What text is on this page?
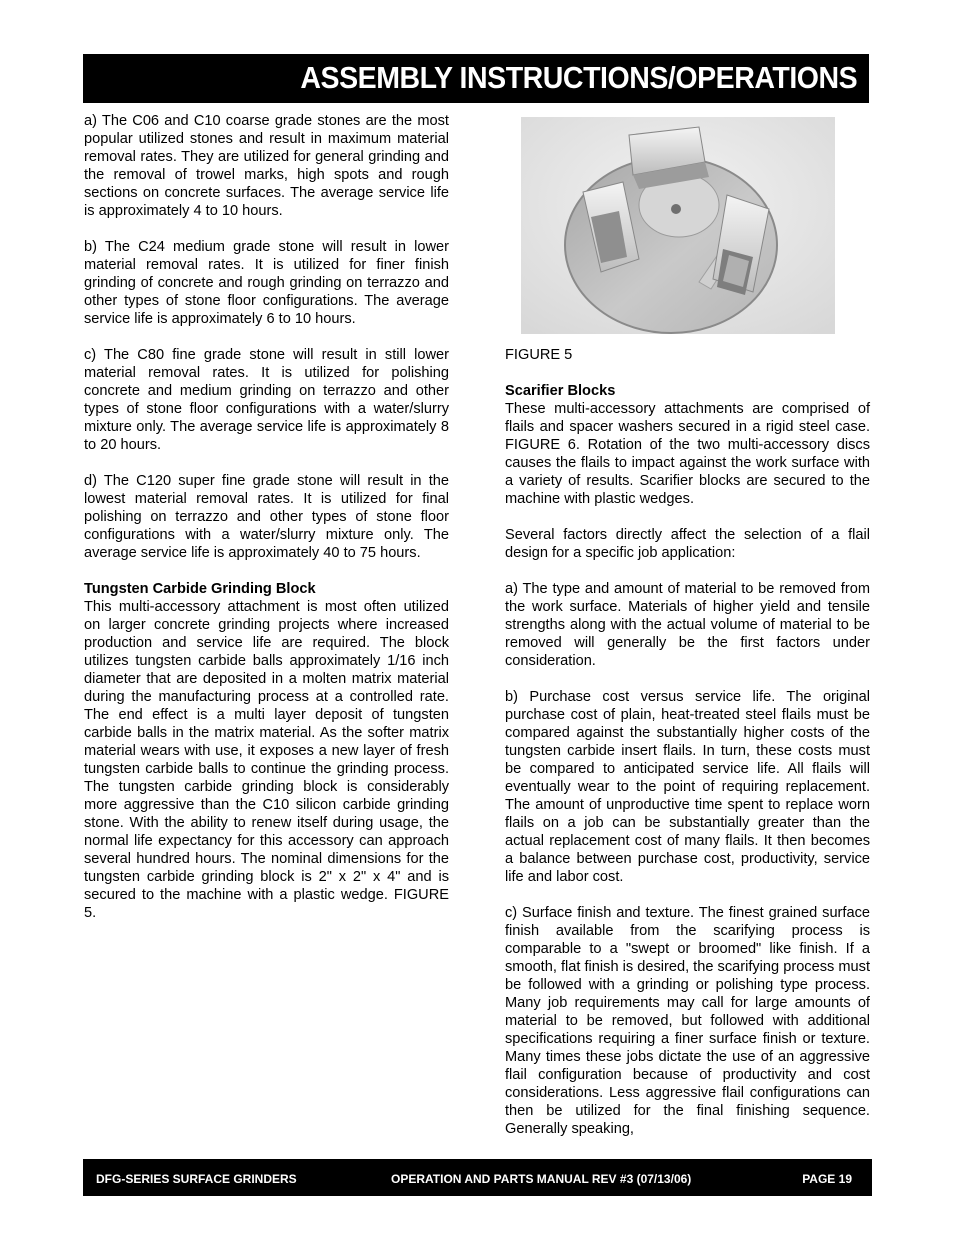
ASSEMBLY INSTRUCTIONS/OPERATIONS

a) The C06 and C10 coarse grade stones are the most popular utilized stones and result in maximum material removal rates. They are utilized for general grinding and the removal of trowel marks, high spots and rough sections on concrete surfaces. The average service life is approximately 4 to 10 hours.

b) The C24 medium grade stone will result in lower material removal rates. It is utilized for finer finish grinding of concrete and rough grinding on terrazzo and other types of stone floor configurations. The average service life is approximately 6 to 10 hours.

c) The C80 fine grade stone will result in still lower material removal rates. It is utilized for polishing concrete and medium grinding on terrazzo and other types of stone floor configurations with a water/slurry mixture only. The average service life is approximately 8 to 20 hours.

d) The C120 super fine grade stone will result in the lowest material removal rates. It is utilized for final polishing on terrazzo and other types of stone floor configurations with a water/slurry mixture only. The average service life is approximately 40 to 75 hours.

Tungsten Carbide Grinding Block

This multi-accessory attachment is most often utilized on larger concrete grinding projects where increased production and service life are required. The block utilizes tungsten carbide balls approximately 1/16 inch diameter that are deposited in a molten matrix material during the manufacturing process at a controlled rate. The end effect is a multi layer deposit of tungsten carbide balls in the matrix material. As the softer matrix material wears with use, it exposes a new layer of fresh tungsten carbide balls to continue the grinding process. The tungsten carbide grinding block is considerably more aggressive than the C10 silicon carbide grinding stone. With the ability to renew itself during usage, the normal life expectancy for this accessory can approach several hundred hours. The nominal dimensions for the tungsten carbide grinding block is 2" x 2" x 4" and is secured to the machine with a plastic wedge. FIGURE 5.

FIGURE 5

Scarifier Blocks

These multi-accessory attachments are comprised of flails and spacer washers secured in a rigid steel case. FIGURE 6. Rotation of the two multi-accessory discs causes the flails to impact against the work surface with a variety of results. Scarifier blocks are secured to the machine with plastic wedges.

Several factors directly affect the selection of a flail design for a specific job application:

a) The type and amount of material to be removed from the work surface. Materials of higher yield and tensile strengths along with the actual volume of material to be removed will generally be the first factors under consideration.

b) Purchase cost versus service life. The original purchase cost of plain, heat-treated steel flails must be compared against the substantially higher costs of the tungsten carbide insert flails. In turn, these costs must be compared to anticipated service life. All flails will eventually wear to the point of requiring replacement. The amount of unproductive time spent to replace worn flails on a job can be substantially greater than the actual replacement cost of many flails. It then becomes a balance between purchase cost, productivity, service life and labor cost.

c) Surface finish and texture. The finest grained surface finish available from the scarifying process is comparable to a "swept or broomed" like finish. If a smooth, flat finish is desired, the scarifying process must be followed with a grinding or polishing type process. Many job requirements may call for large amounts of material to be removed, but followed with additional specifications requiring a finer surface finish or texture. Many times these jobs dictate the use of an aggressive flail configuration because of productivity and cost considerations. Less aggressive flail configurations can then be utilized for the final finishing sequence. Generally speaking,

DFG-SERIES SURFACE GRINDERS	OPERATION AND PARTS MANUAL REV #3 (07/13/06)	PAGE 19
